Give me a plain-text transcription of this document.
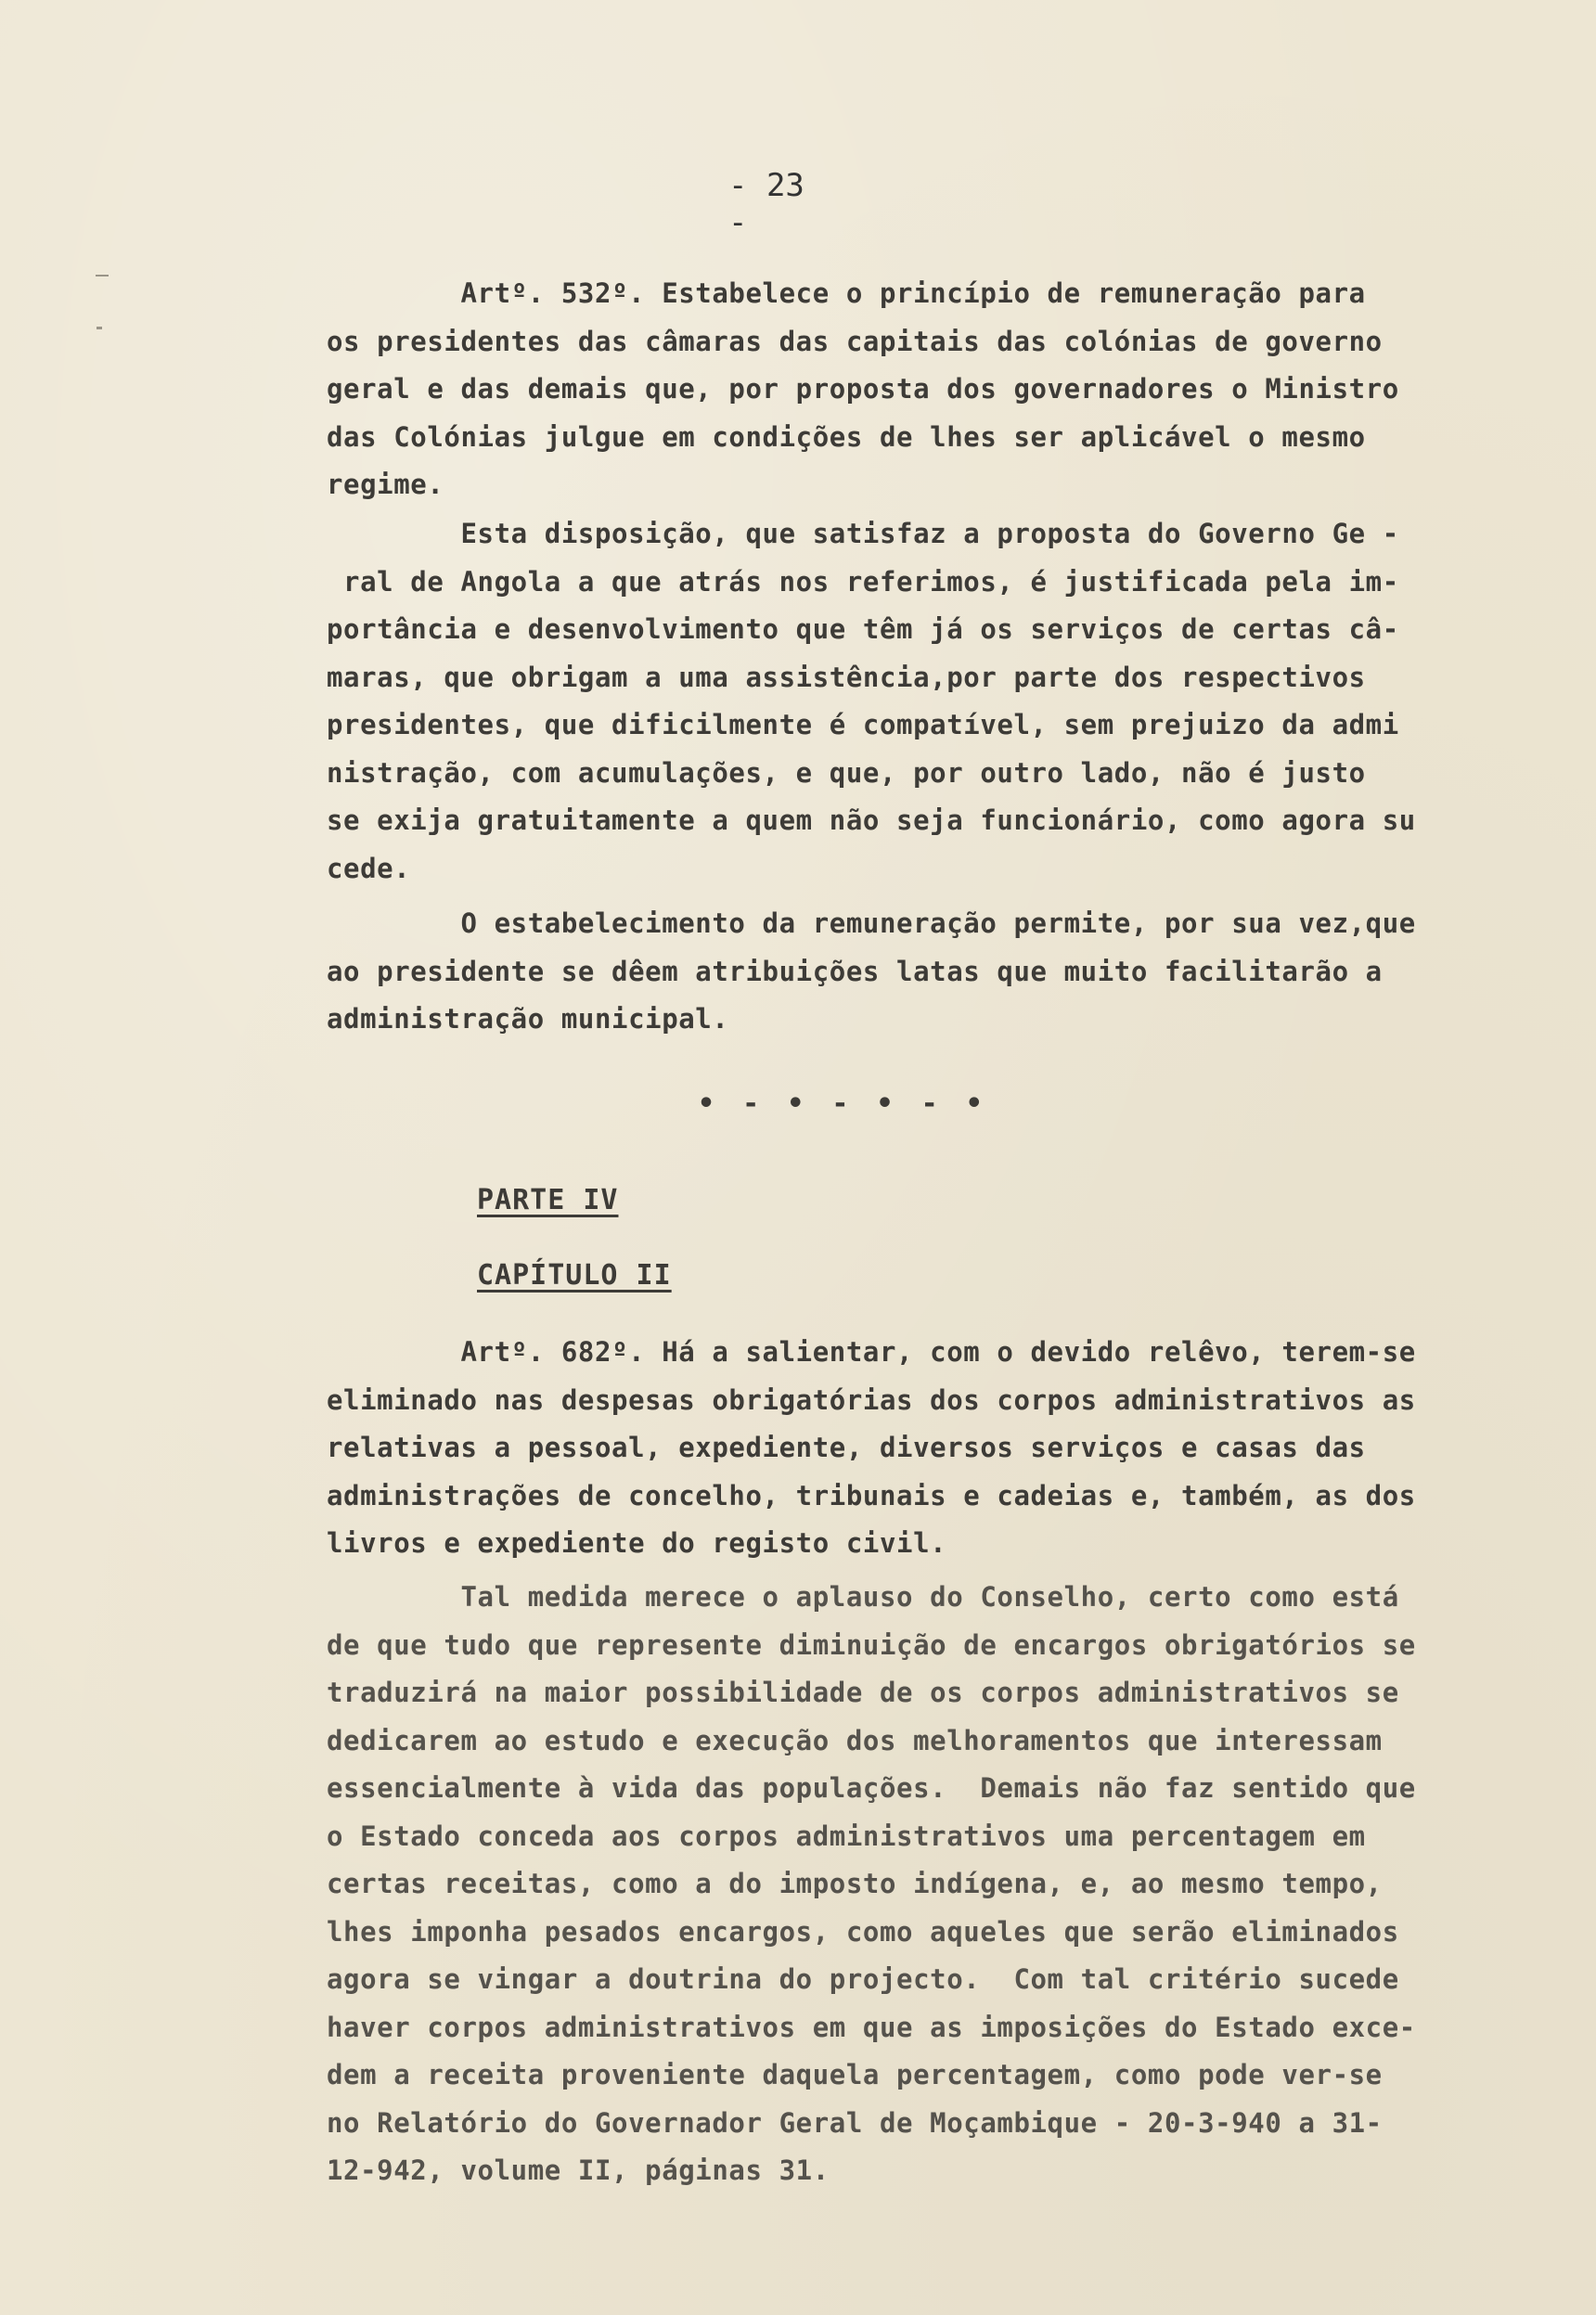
- 23 -
Artº. 532º. Estabelece o princípio de remuneração para
os presidentes das câmaras das capitais das colónias de governo
geral e das demais que, por proposta dos governadores o Ministro
das Colónias julgue em condições de lhes ser aplicável o mesmo
regime.
Esta disposição, que satisfaz a proposta do Governo Ge -
ral de Angola a que atrás nos referimos, é justificada pela im-
portância e desenvolvimento que têm já os serviços de certas câ-
maras, que obrigam a uma assistência,por parte dos respectivos
presidentes, que dificilmente é compatível, sem prejuizo da admi
nistração, com acumulações, e que, por outro lado, não é justo
se exija gratuitamente a quem não seja funcionário, como agora su
cede.
O estabelecimento da remuneração permite, por sua vez,que
ao presidente se dêem atribuições latas que muito facilitarão a
administração municipal.
• - • - • - •
PARTE IV
CAPÍTULO II
Artº. 682º. Há a salientar, com o devido relêvo, terem-se
eliminado nas despesas obrigatórias dos corpos administrativos as
relativas a pessoal, expediente, diversos serviços e casas das
administrações de concelho, tribunais e cadeias e, também, as dos
livros e expediente do registo civil.
Tal medida merece o aplauso do Conselho, certo como está
de que tudo que represente diminuição de encargos obrigatórios se
traduzirá na maior possibilidade de os corpos administrativos se
dedicarem ao estudo e execução dos melhoramentos que interessam
essencialmente à vida das populações.  Demais não faz sentido que
o Estado conceda aos corpos administrativos uma percentagem em
certas receitas, como a do imposto indígena, e, ao mesmo tempo,
lhes imponha pesados encargos, como aqueles que serão eliminados
agora se vingar a doutrina do projecto.  Com tal critério sucede
haver corpos administrativos em que as imposições do Estado exce-
dem a receita proveniente daquela percentagem, como pode ver-se
no Relatório do Governador Geral de Moçambique - 20-3-940 a 31-
12-942, volume II, páginas 31.
